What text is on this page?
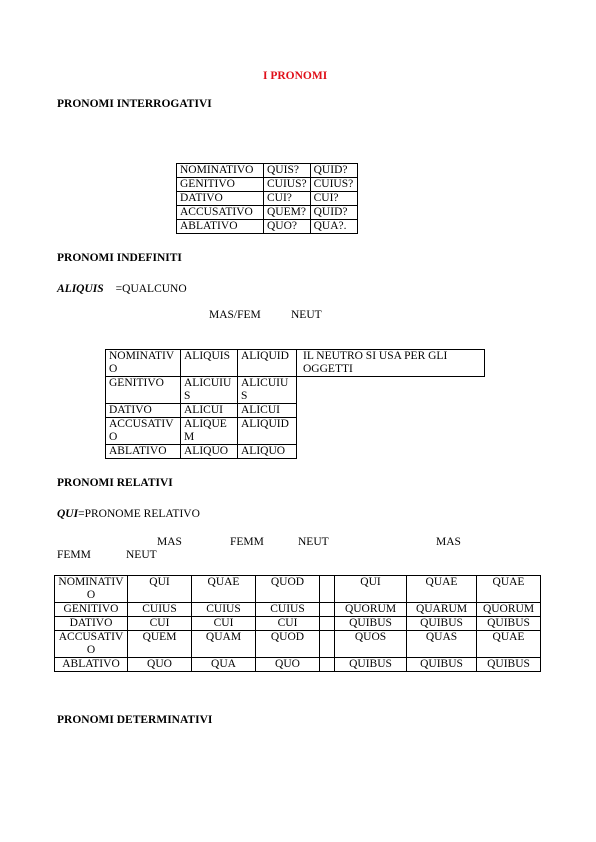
I PRONOMI
PRONOMI INTERROGATIVI
NOMINATIVO	QUIS?	QUID?
GENITIVO	CUIUS?	CUIUS?
DATIVO	CUI?	CUI?
ACCUSATIVO	QUEM?	QUID?
ABLATIVO	QUO?	QUA?.
PRONOMI INDEFINITI
ALIQUIS =QUALCUNO
MAS/FEM	NEUT
NOMINATIVO	ALIQUIS	ALIQUID	IL NEUTRO SI USA PER GLI OGGETTI
GENITIVO	ALICUIUS	ALICUIUS	
DATIVO	ALICUI	ALICUI	
ACCUSATIVO	ALIQUEM	ALIQUID	
ABLATIVO	ALIQUO	ALIQUO	
PRONOMI RELATIVI
QUI=PRONOME RELATIVO
MAS	FEMM	NEUT	MAS
FEMM	NEUT
NOMINATIVO	QUI	QUAE	QUOD		QUI	QUAE	QUAE
GENITIVO	CUIUS	CUIUS	CUIUS		QUORUM	QUARUM	QUORUM
DATIVO	CUI	CUI	CUI		QUIBUS	QUIBUS	QUIBUS
ACCUSATIVO	QUEM	QUAM	QUOD		QUOS	QUAS	QUAE
ABLATIVO	QUO	QUA	QUO		QUIBUS	QUIBUS	QUIBUS
PRONOMI DETERMINATIVI
